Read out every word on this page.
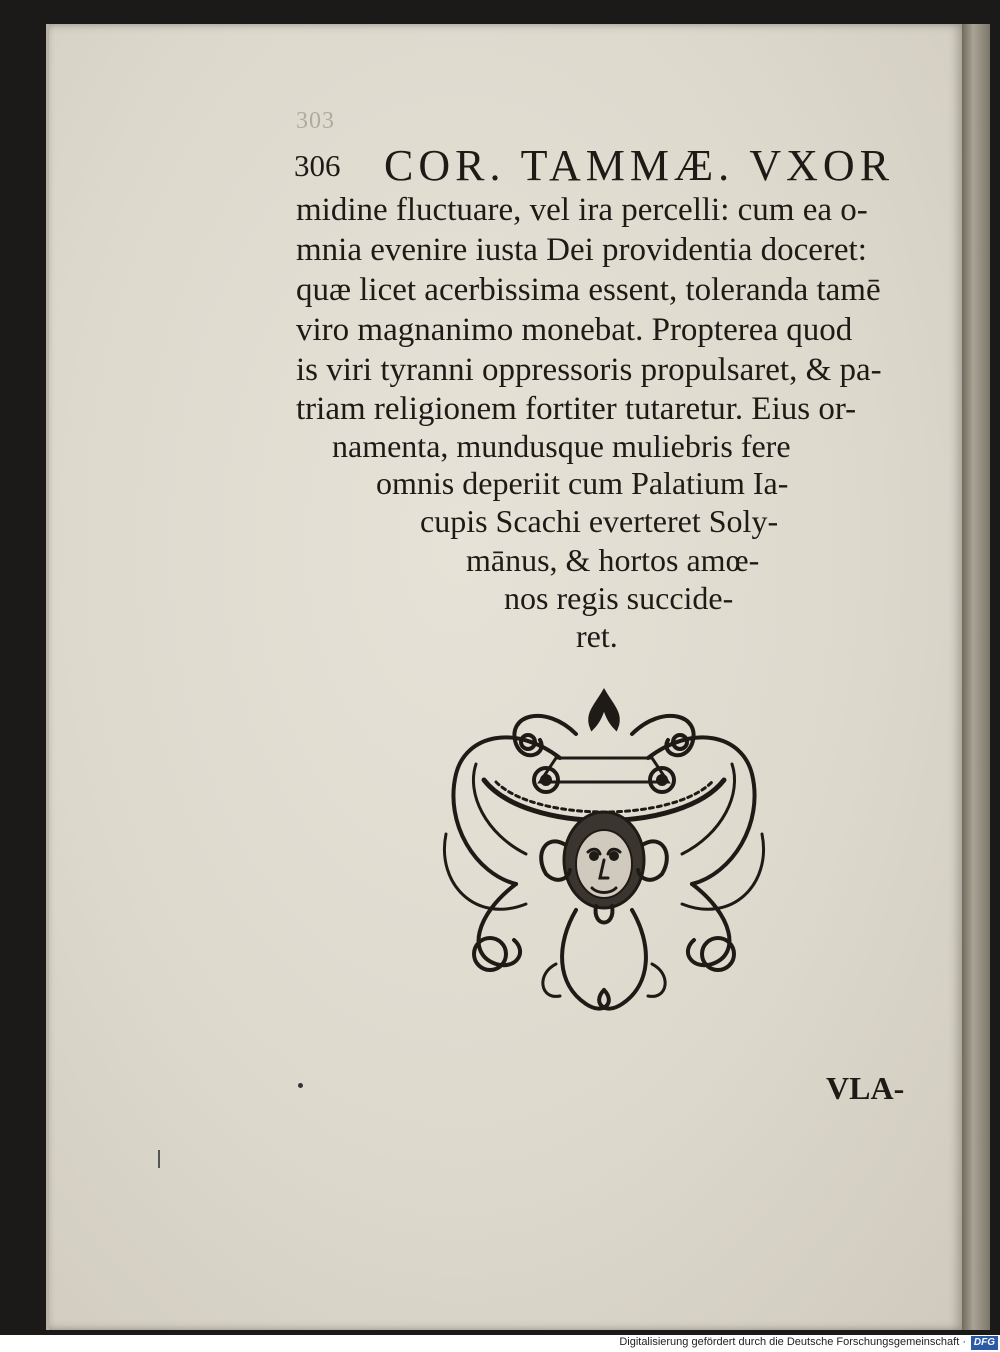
303
306 COR. TAMMÆ. VXOR
midine fluctuare, vel ira percelli: cum ea o-
mnia evenire iusta Dei providentia doceret:
quæ licet acerbissima essent, toleranda tamē
viro magnanimo monebat. Propterea quod
is viri tyranni oppressoris propulsaret, & pa-
triam religionem fortiter tutaretur. Eius or-
namenta, mundusque muliebris fere
omnis deperiit cum Palatium Ia-
cupis Scachi everteret Soly-
mānus, & hortos amœ-
nos regis succide-
ret.
VLA-
Digitalisierung gefördert durch die Deutsche Forschungsgemeinschaft · DFG
